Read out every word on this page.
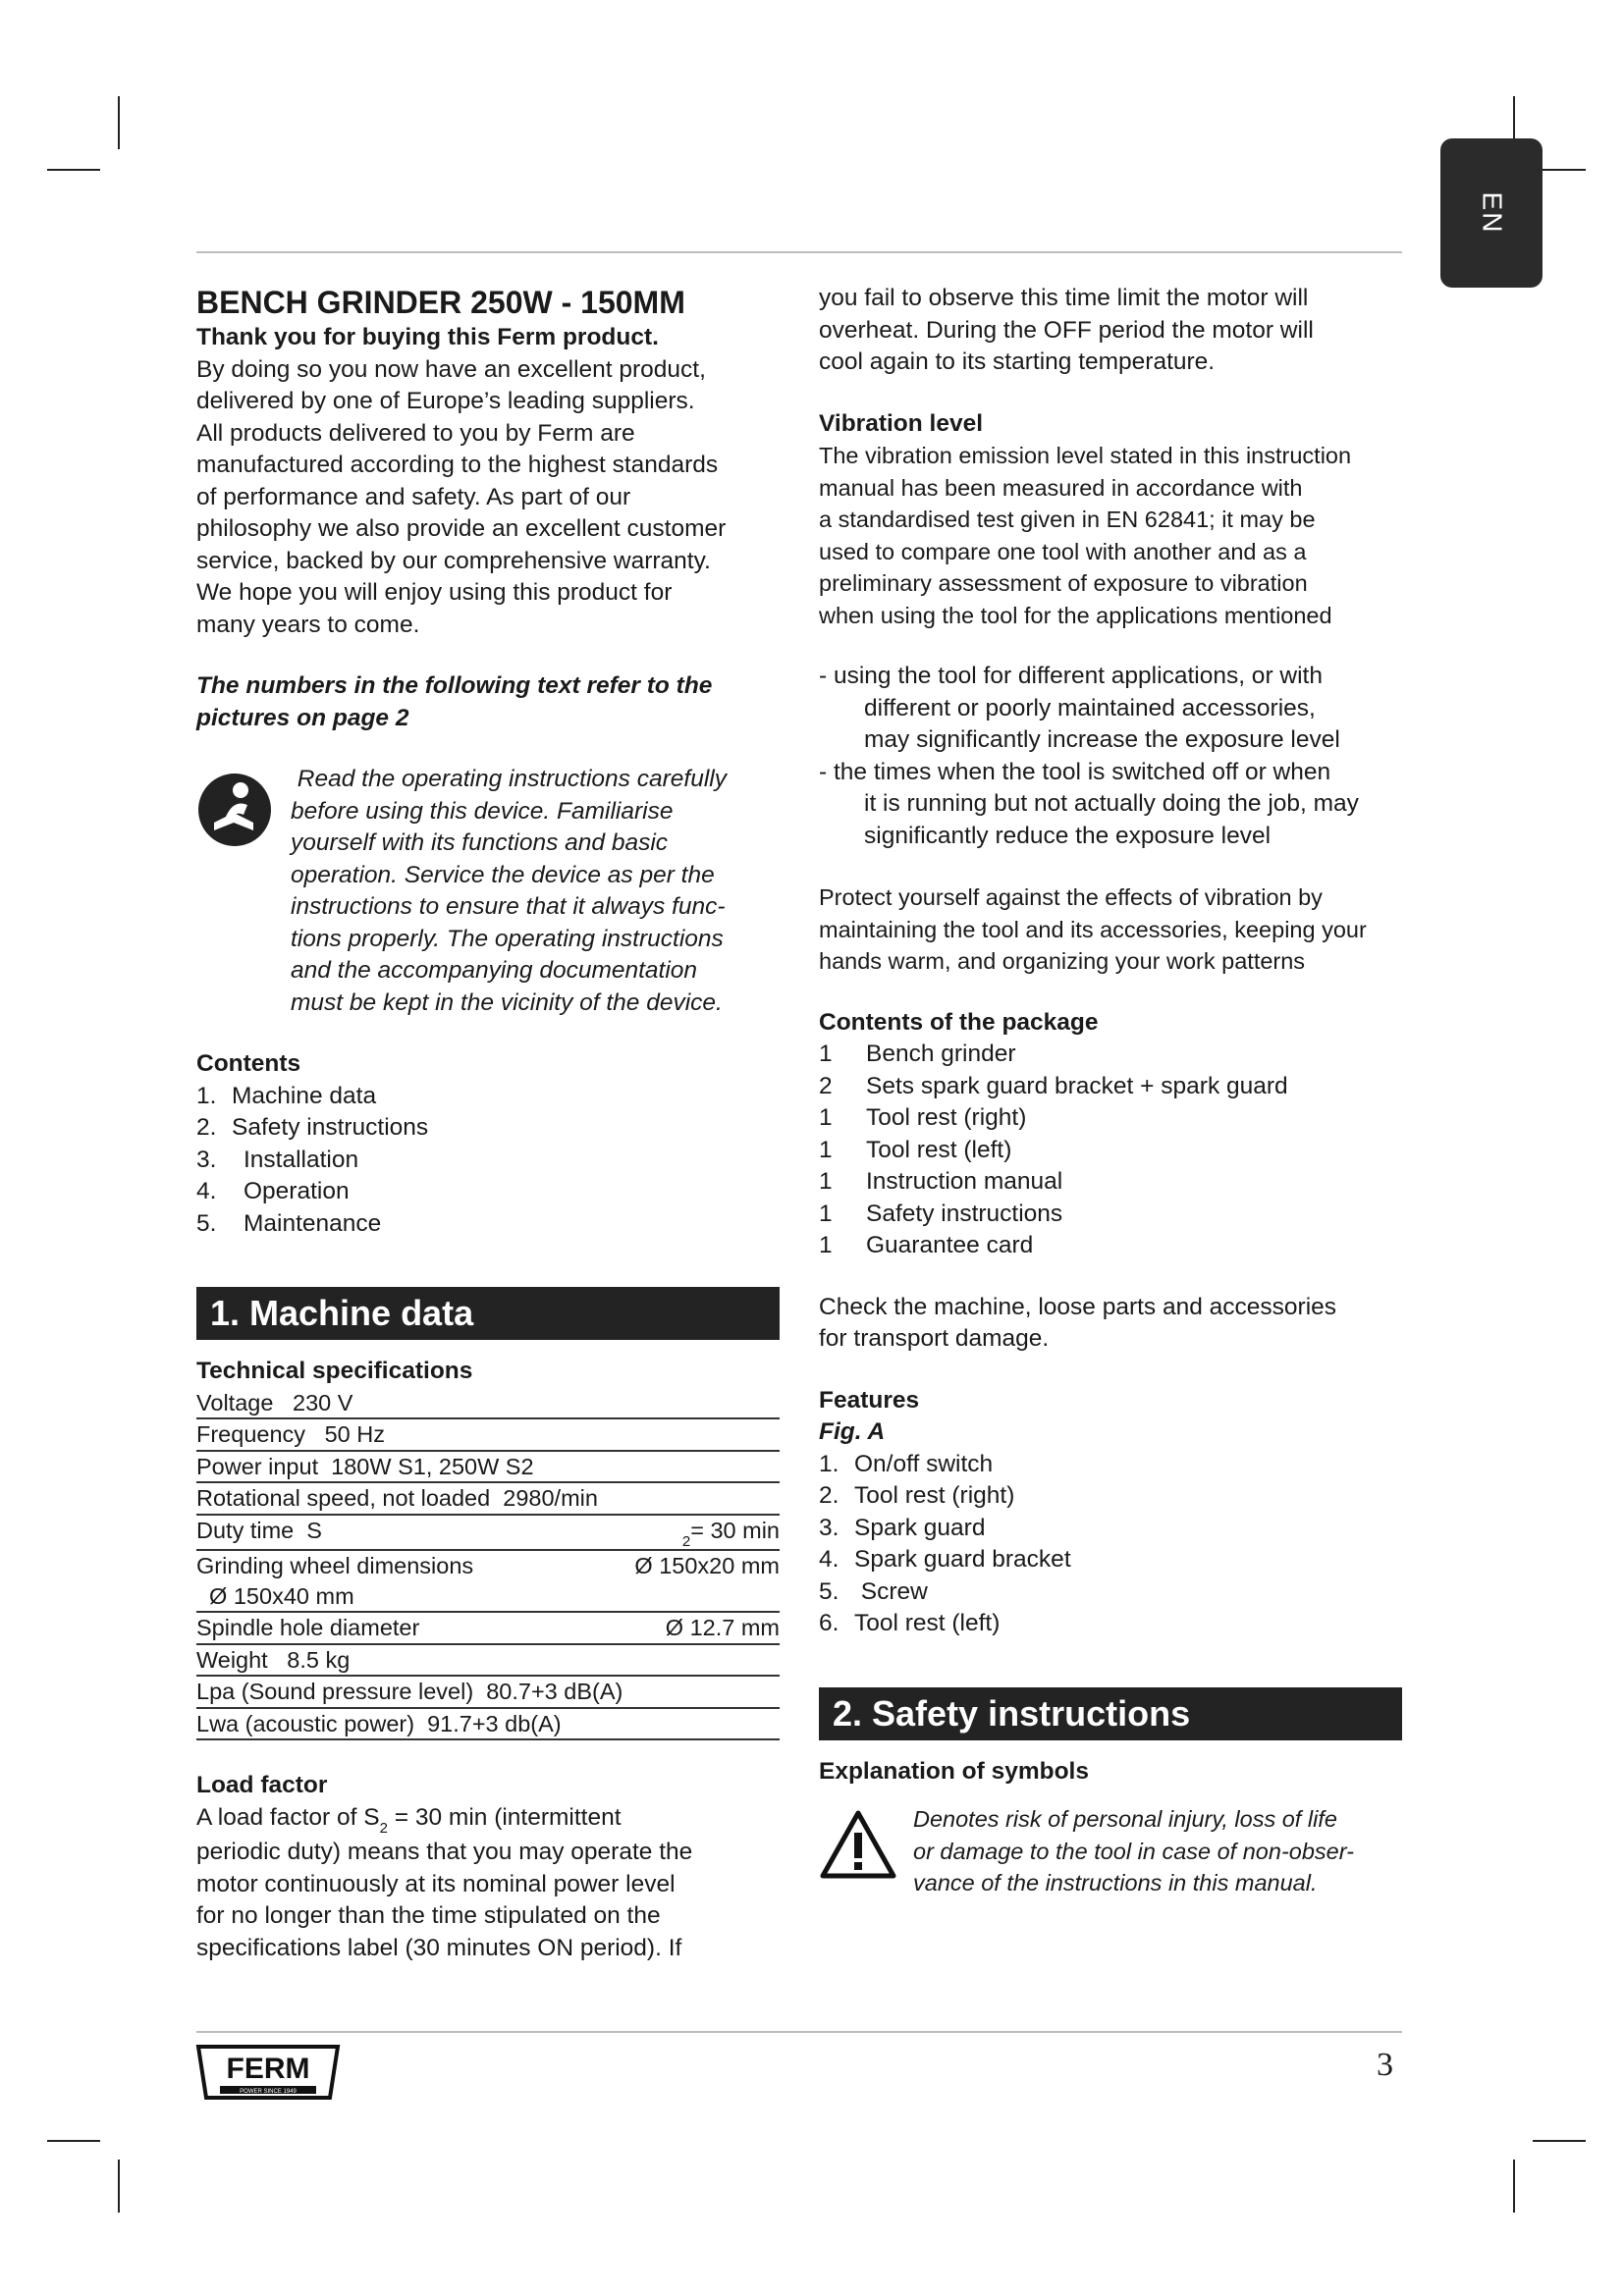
EN

BENCH GRINDER 250W - 150MM

Thank you for buying this Ferm product.

By doing so you now have an excellent product,

delivered by one of Europe’s leading suppliers.

All products delivered to you by Ferm are

manufactured according to the highest standards

of performance and safety. As part of our

philosophy we also provide an excellent customer

service, backed by our comprehensive warranty.

We hope you will enjoy using this product for

many years to come.

The numbers in the following text refer to the

pictures on page 2

Read the operating instructions carefully

before using this device. Familiarise

yourself with its functions and basic

operation. Service the device as per the

instructions to ensure that it always func-

tions properly. The operating instructions

and the accompanying documentation

must be kept in the vicinity of the device.

Contents

1. Machine data
2. Safety instructions
3.	Installation
4.	Operation
5.	Maintenance

1. Machine data

Technical specifications

Voltage   230 V
Frequency   50 Hz
Power input  180W S1, 250W S2
Rotational speed, not loaded  2980/min
Duty time  S	$_2$= 30 min
Grinding wheel dimensions	Ø 150x20 mm
Ø 150x40 mm
Spindle hole diameter	Ø 12.7 mm
Weight   8.5 kg
Lpa (Sound pressure level)  80.7+3 dB(A)
Lwa (acoustic power)  91.7+3 db(A)

Load factor

A load factor of $S_2 = 30$ min (intermittent

periodic duty) means that you may operate the

motor continuously at its nominal power level

for no longer than the time stipulated on the

specifications label (30 minutes ON period). If

you fail to observe this time limit the motor will

overheat. During the OFF period the motor will

cool again to its starting temperature.

Vibration level

The vibration emission level stated in this instruction

manual has been measured in accordance with

a standardised test given in EN 62841; it may be

used to compare one tool with another and as a

preliminary assessment of exposure to vibration

when using the tool for the applications mentioned

- using the tool for different applications, or with

different or poorly maintained accessories,

may significantly increase the exposure level

- the times when the tool is switched off or when

it is running but not actually doing the job, may

significantly reduce the exposure level

Protect yourself against the effects of vibration by

maintaining the tool and its accessories, keeping your

hands warm, and organizing your work patterns

Contents of the package

1	Bench grinder
2	Sets spark guard bracket + spark guard
1	Tool rest (right)
1	Tool rest (left)
1	Instruction manual
1	Safety instructions
1	Guarantee card

Check the machine, loose parts and accessories

for transport damage.

Features

Fig. A

1. On/off switch
2. Tool rest (right)
3. Spark guard
4. Spark guard bracket
5. Screw
6. Tool rest (left)

2. Safety instructions

Explanation of symbols

Denotes risk of personal injury, loss of life

or damage to the tool in case of non-obser-

vance of the instructions in this manual.

FERM
POWER SINCE 1949
3
